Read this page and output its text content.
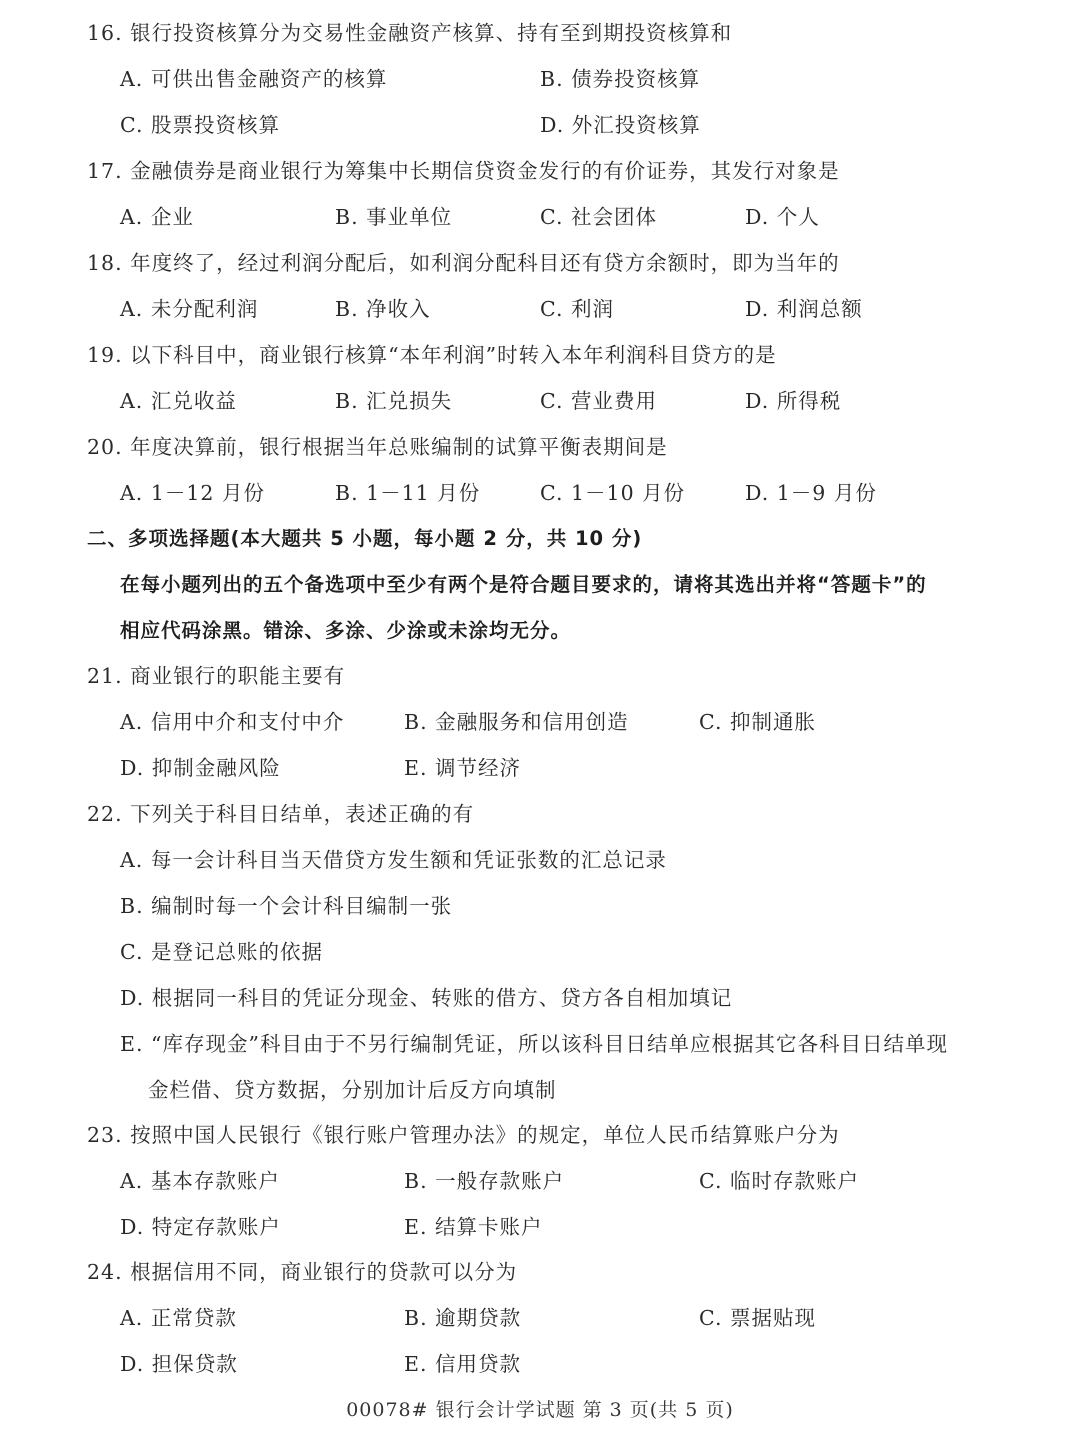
16. 银行投资核算分为交易性金融资产核算、持有至到期投资核算和
A. 可供出售金融资产的核算	B. 债券投资核算
C. 股票投资核算	D. 外汇投资核算
17. 金融债券是商业银行为筹集中长期信贷资金发行的有价证券，其发行对象是
A. 企业	B. 事业单位	C. 社会团体	D. 个人
18. 年度终了，经过利润分配后，如利润分配科目还有贷方余额时，即为当年的
A. 未分配利润	B. 净收入	C. 利润	D. 利润总额
19. 以下科目中，商业银行核算“本年利润”时转入本年利润科目贷方的是
A. 汇兑收益	B. 汇兑损失	C. 营业费用	D. 所得税
20. 年度决算前，银行根据当年总账编制的试算平衡表期间是
A. 1－12 月份	B. 1－11 月份	C. 1－10 月份	D. 1－9 月份
二、多项选择题(本大题共 5 小题，每小题 2 分，共 10 分)
在每小题列出的五个备选项中至少有两个是符合题目要求的，请将其选出并将“答题卡”的
相应代码涂黑。错涂、多涂、少涂或未涂均无分。
21. 商业银行的职能主要有
A. 信用中介和支付中介	B. 金融服务和信用创造	C. 抑制通胀
D. 抑制金融风险	E. 调节经济
22. 下列关于科目日结单，表述正确的有
A. 每一会计科目当天借贷方发生额和凭证张数的汇总记录
B. 编制时每一个会计科目编制一张
C. 是登记总账的依据
D. 根据同一科目的凭证分现金、转账的借方、贷方各自相加填记
E. “库存现金”科目由于不另行编制凭证，所以该科目日结单应根据其它各科目日结单现
金栏借、贷方数据，分别加计后反方向填制
23. 按照中国人民银行《银行账户管理办法》的规定，单位人民币结算账户分为
A. 基本存款账户	B. 一般存款账户	C. 临时存款账户
D. 特定存款账户	E. 结算卡账户
24. 根据信用不同，商业银行的贷款可以分为
A. 正常贷款	B. 逾期贷款	C. 票据贴现
D. 担保贷款	E. 信用贷款
00078# 银行会计学试题 第 3 页(共 5 页)
